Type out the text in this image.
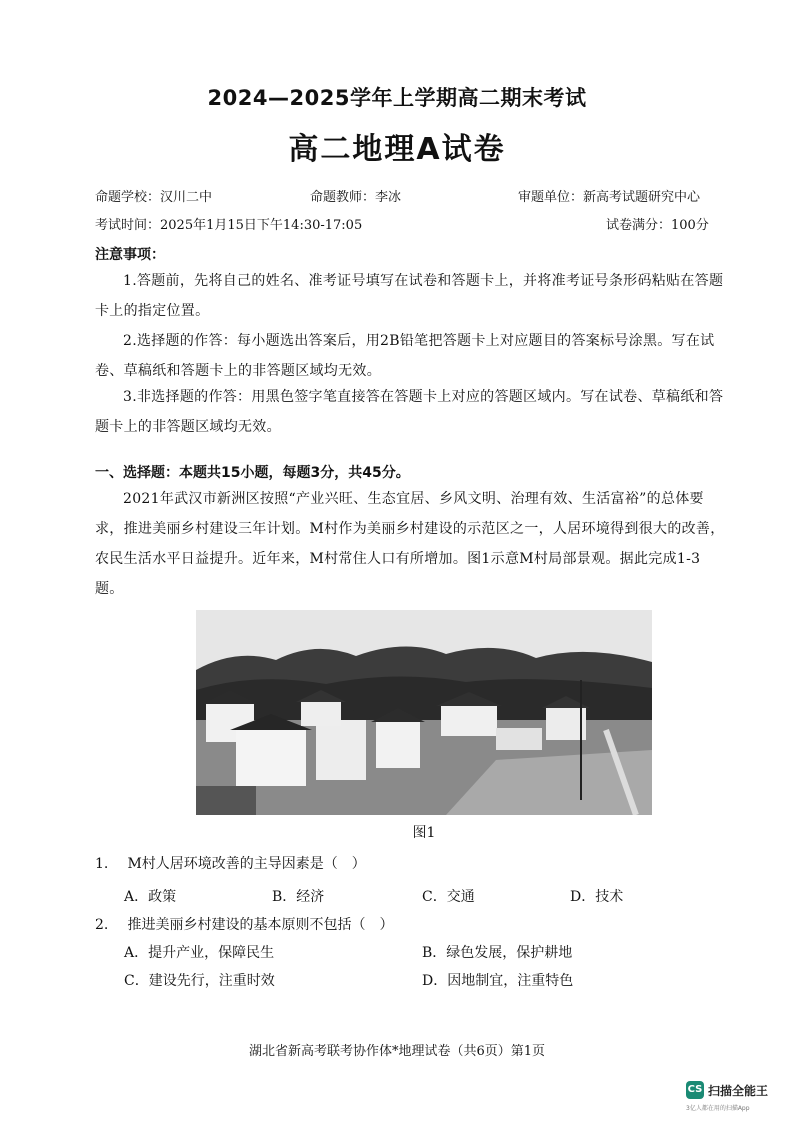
2024—2025学年上学期高二期末考试
高二地理A试卷
命题学校：汉川二中	命题教师：李冰	审题单位：新高考试题研究中心
考试时间：2025年1月15日下午14:30-17:05	试卷满分：100分
注意事项：
1.答题前，先将自己的姓名、准考证号填写在试卷和答题卡上，并将准考证号条形码粘贴在答题卡上的指定位置。
2.选择题的作答：每小题选出答案后，用2B铅笔把答题卡上对应题目的答案标号涂黑。写在试卷、草稿纸和答题卡上的非答题区域均无效。
3.非选择题的作答：用黑色签字笔直接答在答题卡上对应的答题区域内。写在试卷、草稿纸和答题卡上的非答题区域均无效。
一、选择题：本题共15小题，每题3分，共45分。
2021年武汉市新洲区按照“产业兴旺、生态宜居、乡风文明、治理有效、生活富裕”的总体要求，推进美丽乡村建设三年计划。M村作为美丽乡村建设的示范区之一，人居环境得到很大的改善，农民生活水平日益提升。近年来，M村常住人口有所增加。图1示意M村局部景观。据此完成1-3题。
图1
1. M村人居环境改善的主导因素是（　）
A．政策	B．经济	C．交通	D．技术
2. 推进美丽乡村建设的基本原则不包括（　）
A．提升产业，保障民生	B．绿色发展，保护耕地
C．建设先行，注重时效	D．因地制宜，注重特色
湖北省新高考联考协作体*地理试卷（共6页）第1页
CS 扫描全能王
3亿人都在用的扫描App
